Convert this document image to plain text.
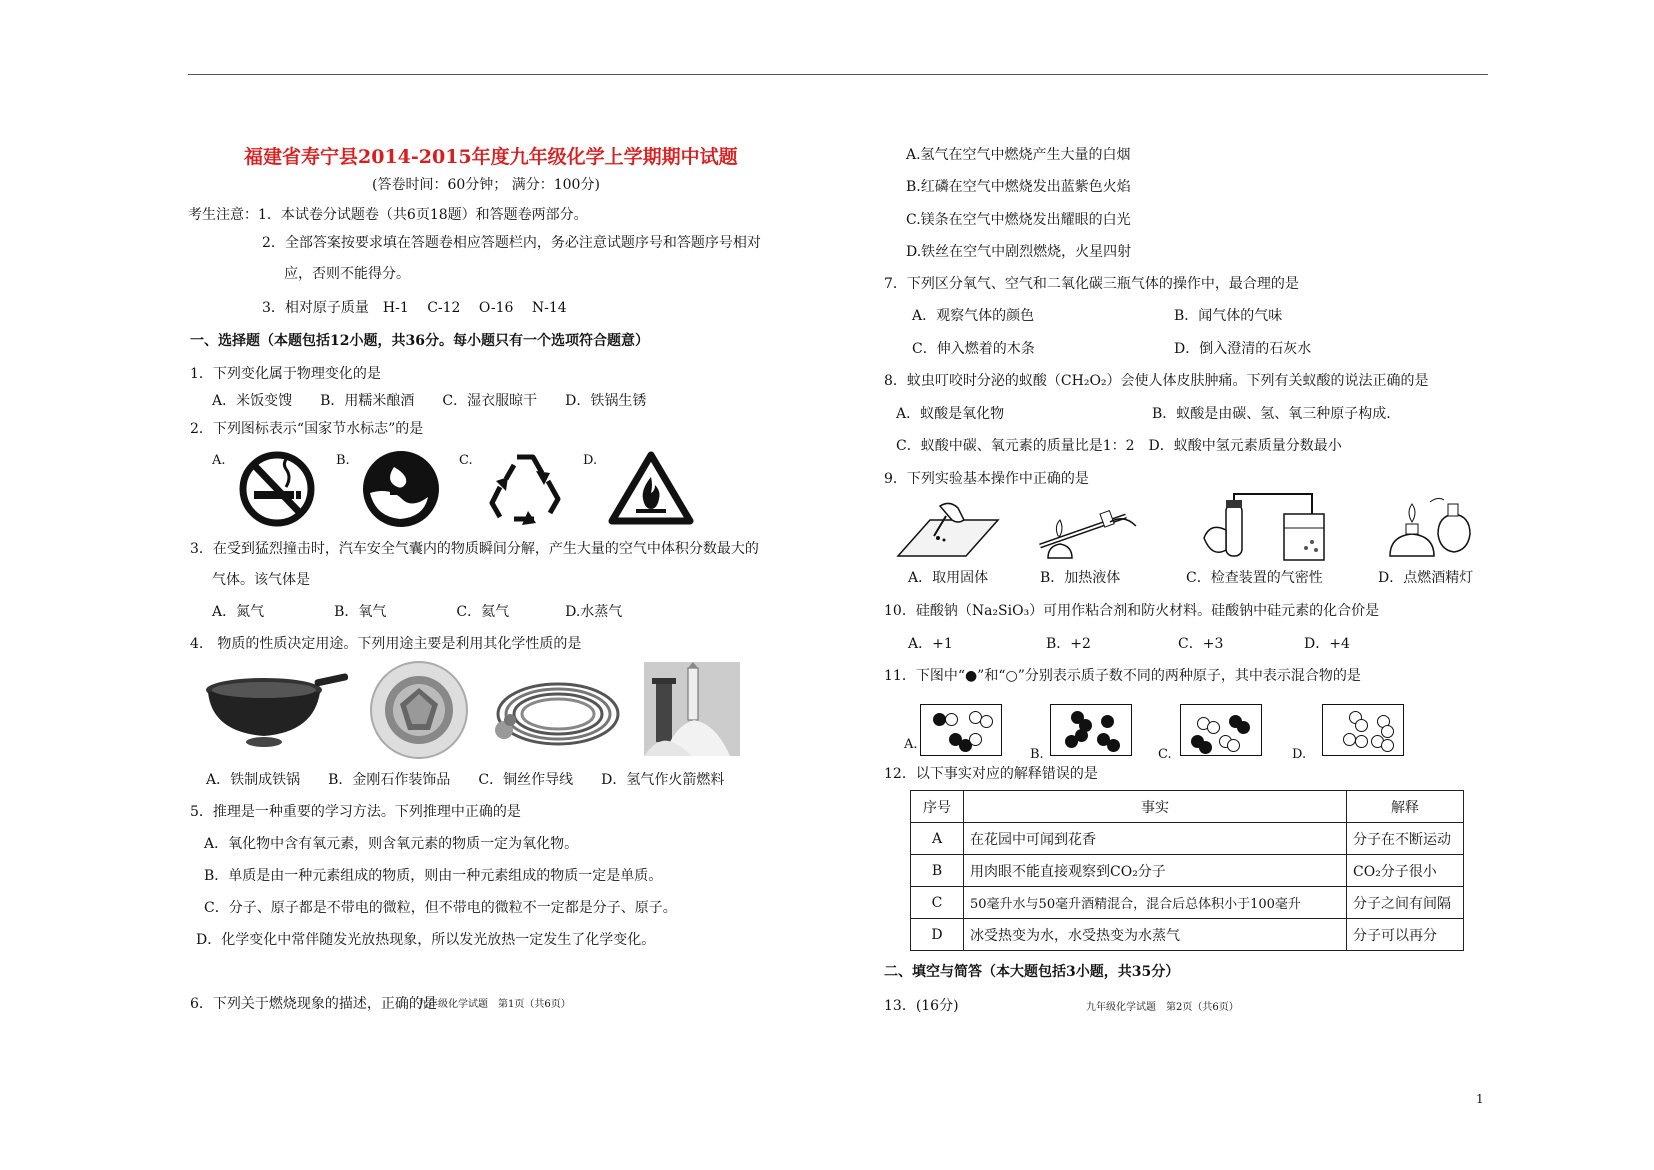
福建省寿宁县2014-2015年度九年级化学上学期期中试题
(答卷时间：60分钟； 满分：100分)
考生注意：1．本试卷分试题卷（共6页18题）和答题卷两部分。
2．全部答案按要求填在答题卷相应答题栏内，务必注意试题序号和答题序号相对
应，否则不能得分。
3．相对原子质量　H-1　 C-12　 O-16　 N-14
一、选择题（本题包括12小题，共36分。每小题只有一个选项符合题意）
1．下列变化属于物理变化的是
A．米饭变馊　　B．用糯米酿酒　　C．湿衣服晾干　　D．铁锅生锈
2．下列图标表示“国家节水标志”的是
A.	B.	C.	D.
3．在受到猛烈撞击时，汽车安全气囊内的物质瞬间分解，产生大量的空气中体积分数最大的
气体。该气体是
A．氮气　　　　　B．氧气　　　　　C．氦气　　　　D.水蒸气
4.　物质的性质决定用途。下列用途主要是利用其化学性质的是
A．铁制成铁锅　　B．金刚石作装饰品　　C．铜丝作导线　　D．氢气作火箭燃料
5．推理是一种重要的学习方法。下列推理中正确的是
A．氧化物中含有氧元素，则含氧元素的物质一定为氧化物。
B．单质是由一种元素组成的物质，则由一种元素组成的物质一定是单质。
C．分子、原子都是不带电的微粒，但不带电的微粒不一定都是分子、原子。
D．化学变化中常伴随发光放热现象，所以发光放热一定发生了化学变化。
6．下列关于燃烧现象的描述，正确的是
九年级化学试题　第1页（共6页）
A.氢气在空气中燃烧产生大量的白烟
B.红磷在空气中燃烧发出蓝紫色火焰
C.镁条在空气中燃烧发出耀眼的白光
D.铁丝在空气中剧烈燃烧，火星四射
7．下列区分氧气、空气和二氧化碳三瓶气体的操作中，最合理的是
A．观察气体的颜色	B．闻气体的气味
C．伸入燃着的木条	D．倒入澄清的石灰水
8．蚊虫叮咬时分泌的蚁酸（CH₂O₂）会使人体皮肤肿痛。下列有关蚁酸的说法正确的是
A．蚁酸是氧化物	B．蚁酸是由碳、氢、氧三种原子构成.
C．蚁酸中碳、氧元素的质量比是1：2　D．蚁酸中氢元素质量分数最小
9．下列实验基本操作中正确的是
A．取用固体	B．加热液体	C．检查装置的气密性	D．点燃酒精灯
10．硅酸钠（Na₂SiO₃）可用作粘合剂和防火材料。硅酸钠中硅元素的化合价是
A．+1	B．+2	C．+3	D．+4
11．下图中“●”和“○”分别表示质子数不同的两种原子，其中表示混合物的是
A.
B.	C.	D.
12．以下事实对应的解释错误的是
序号	事实	解释
A	在花园中可闻到花香	分子在不断运动
B	用肉眼不能直接观察到CO₂分子	CO₂分子很小
C	50毫升水与50毫升酒精混合，混合后总体积小于100毫升	分子之间有间隔
D	冰受热变为水，水受热变为水蒸气	分子可以再分
二、填空与简答（本大题包括3小题，共35分）
13．(16分)	九年级化学试题　第2页（共6页）
1
